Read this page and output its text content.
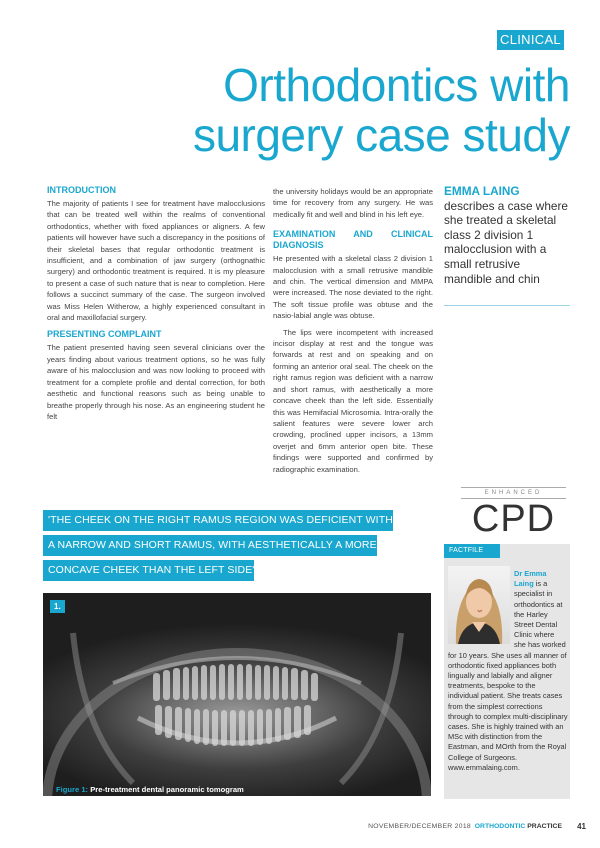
CLINICAL
Orthodontics with
surgery case study
INTRODUCTION

The majority of patients I see for treatment have malocclusions that can be treated well within the realms of conventional orthodontics, whether with fixed appliances or aligners. A few patients will however have such a discrepancy in the positions of their skeletal bases that regular orthodontic treatment is insufficient, and a combination of jaw surgery (orthognathic surgery) and orthodontic treatment is required. It is my pleasure to present a case of such nature that is near to completion. Here follows a succinct summary of the case. The surgeon involved was Miss Helen Witherow, a highly experienced consultant in oral and maxillofacial surgery.

PRESENTING COMPLAINT

The patient presented having seen several clinicians over the years finding about various treatment options, so he was fully aware of his malocclusion and was now looking to proceed with treatment for a complete profile and dental correction, for both aesthetic and functional reasons such as being unable to breathe properly through his nose. As an engineering student he felt

the university holidays would be an appropriate time for recovery from any surgery. He was medically fit and well and blind in his left eye.

EXAMINATION AND CLINICAL DIAGNOSIS

He presented with a skeletal class 2 division 1 malocclusion with a small retrusive mandible and chin. The vertical dimension and MMPA were increased. The nose deviated to the right. The soft tissue profile was obtuse and the nasio-labial angle was obtuse.

The lips were incompetent with increased incisor display at rest and the tongue was forwards at rest and on speaking and on forming an anterior oral seal. The cheek on the right ramus region was deficient with a narrow and short ramus, with aesthetically a more concave cheek than the left side. Essentially this was Hemifacial Microsomia. Intra-orally the salient features were severe lower arch crowding, proclined upper incisors, a 13mm overjet and 6mm anterior open bite. These findings were supported and confirmed by radiographic examination.

EMMA LAING
describes a case where she treated a skeletal class 2 division 1 malocclusion with a small retrusive mandible and chin
ENHANCED
CPD
'THE CHEEK ON THE RIGHT RAMUS REGION WAS DEFICIENT WITH
A NARROW AND SHORT RAMUS, WITH AESTHETICALLY A MORE
CONCAVE CHEEK THAN THE LEFT SIDE'
1.
Figure 1: Pre-treatment dental panoramic tomogram
FACTFILE
Dr Emma Laing is a specialist in orthodontics at the Harley Street Dental Clinic where she has worked for 10 years. She uses all manner of orthodontic fixed appliances both lingually and labially and aligner treatments, bespoke to the individual patient. She treats cases from the simplest corrections through to complex multi-disciplinary cases. She is highly trained with an MSc with distinction from the Eastman, and MOrth from the Royal College of Surgeons. www.emmalaing.com.
NOVEMBER/DECEMBER 2018 ORTHODONTIC PRACTICE 41
